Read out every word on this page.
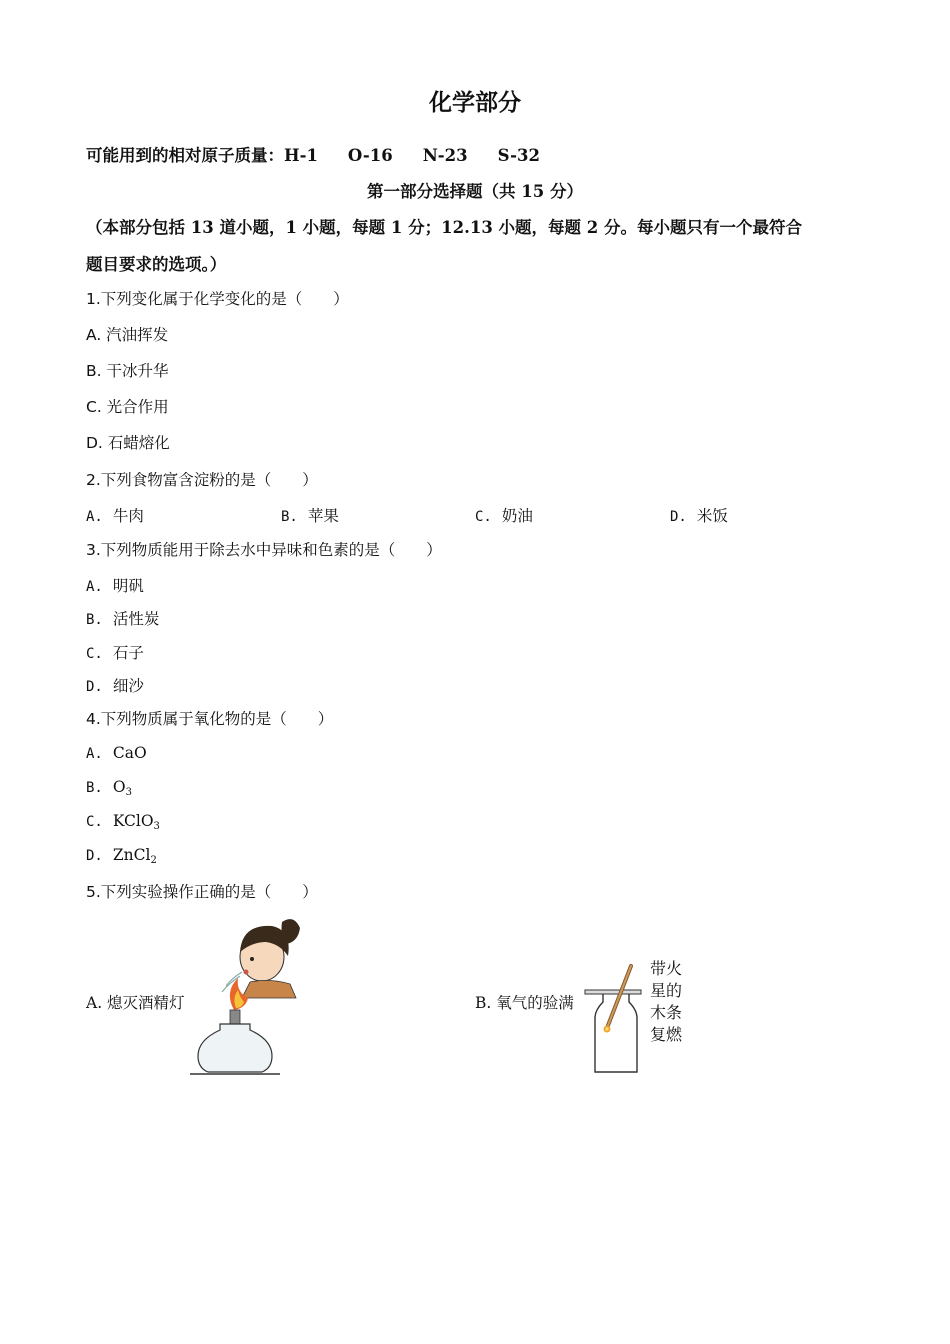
化学部分
可能用到的相对原子质量：H-1 O-16 N-23 S-32
第一部分选择题（共 15 分）
（本部分包括 13 道小题，1 小题，每题 1 分；12.13 小题，每题 2 分。每小题只有一个最符合
题目要求的选项。）
1.下列变化属于化学变化的是（　　）
A. 汽油挥发
B. 干冰升华
C. 光合作用
D. 石蜡熔化
2.下列食物富含淀粉的是（　　）
A. 牛肉	B. 苹果	C. 奶油	D. 米饭
3.下列物质能用于除去水中异味和色素的是（　　）
A. 明矾
B. 活性炭
C. 石子
D. 细沙
4.下列物质属于氧化物的是（　　）
A. CaO
B. $O_3$
C. KClO$_3$
D. ZnCl$_2$
5.下列实验操作正确的是（　　）
A. 熄灭酒精灯	B. 氧气的验满
带火
星的
木条
复燃
